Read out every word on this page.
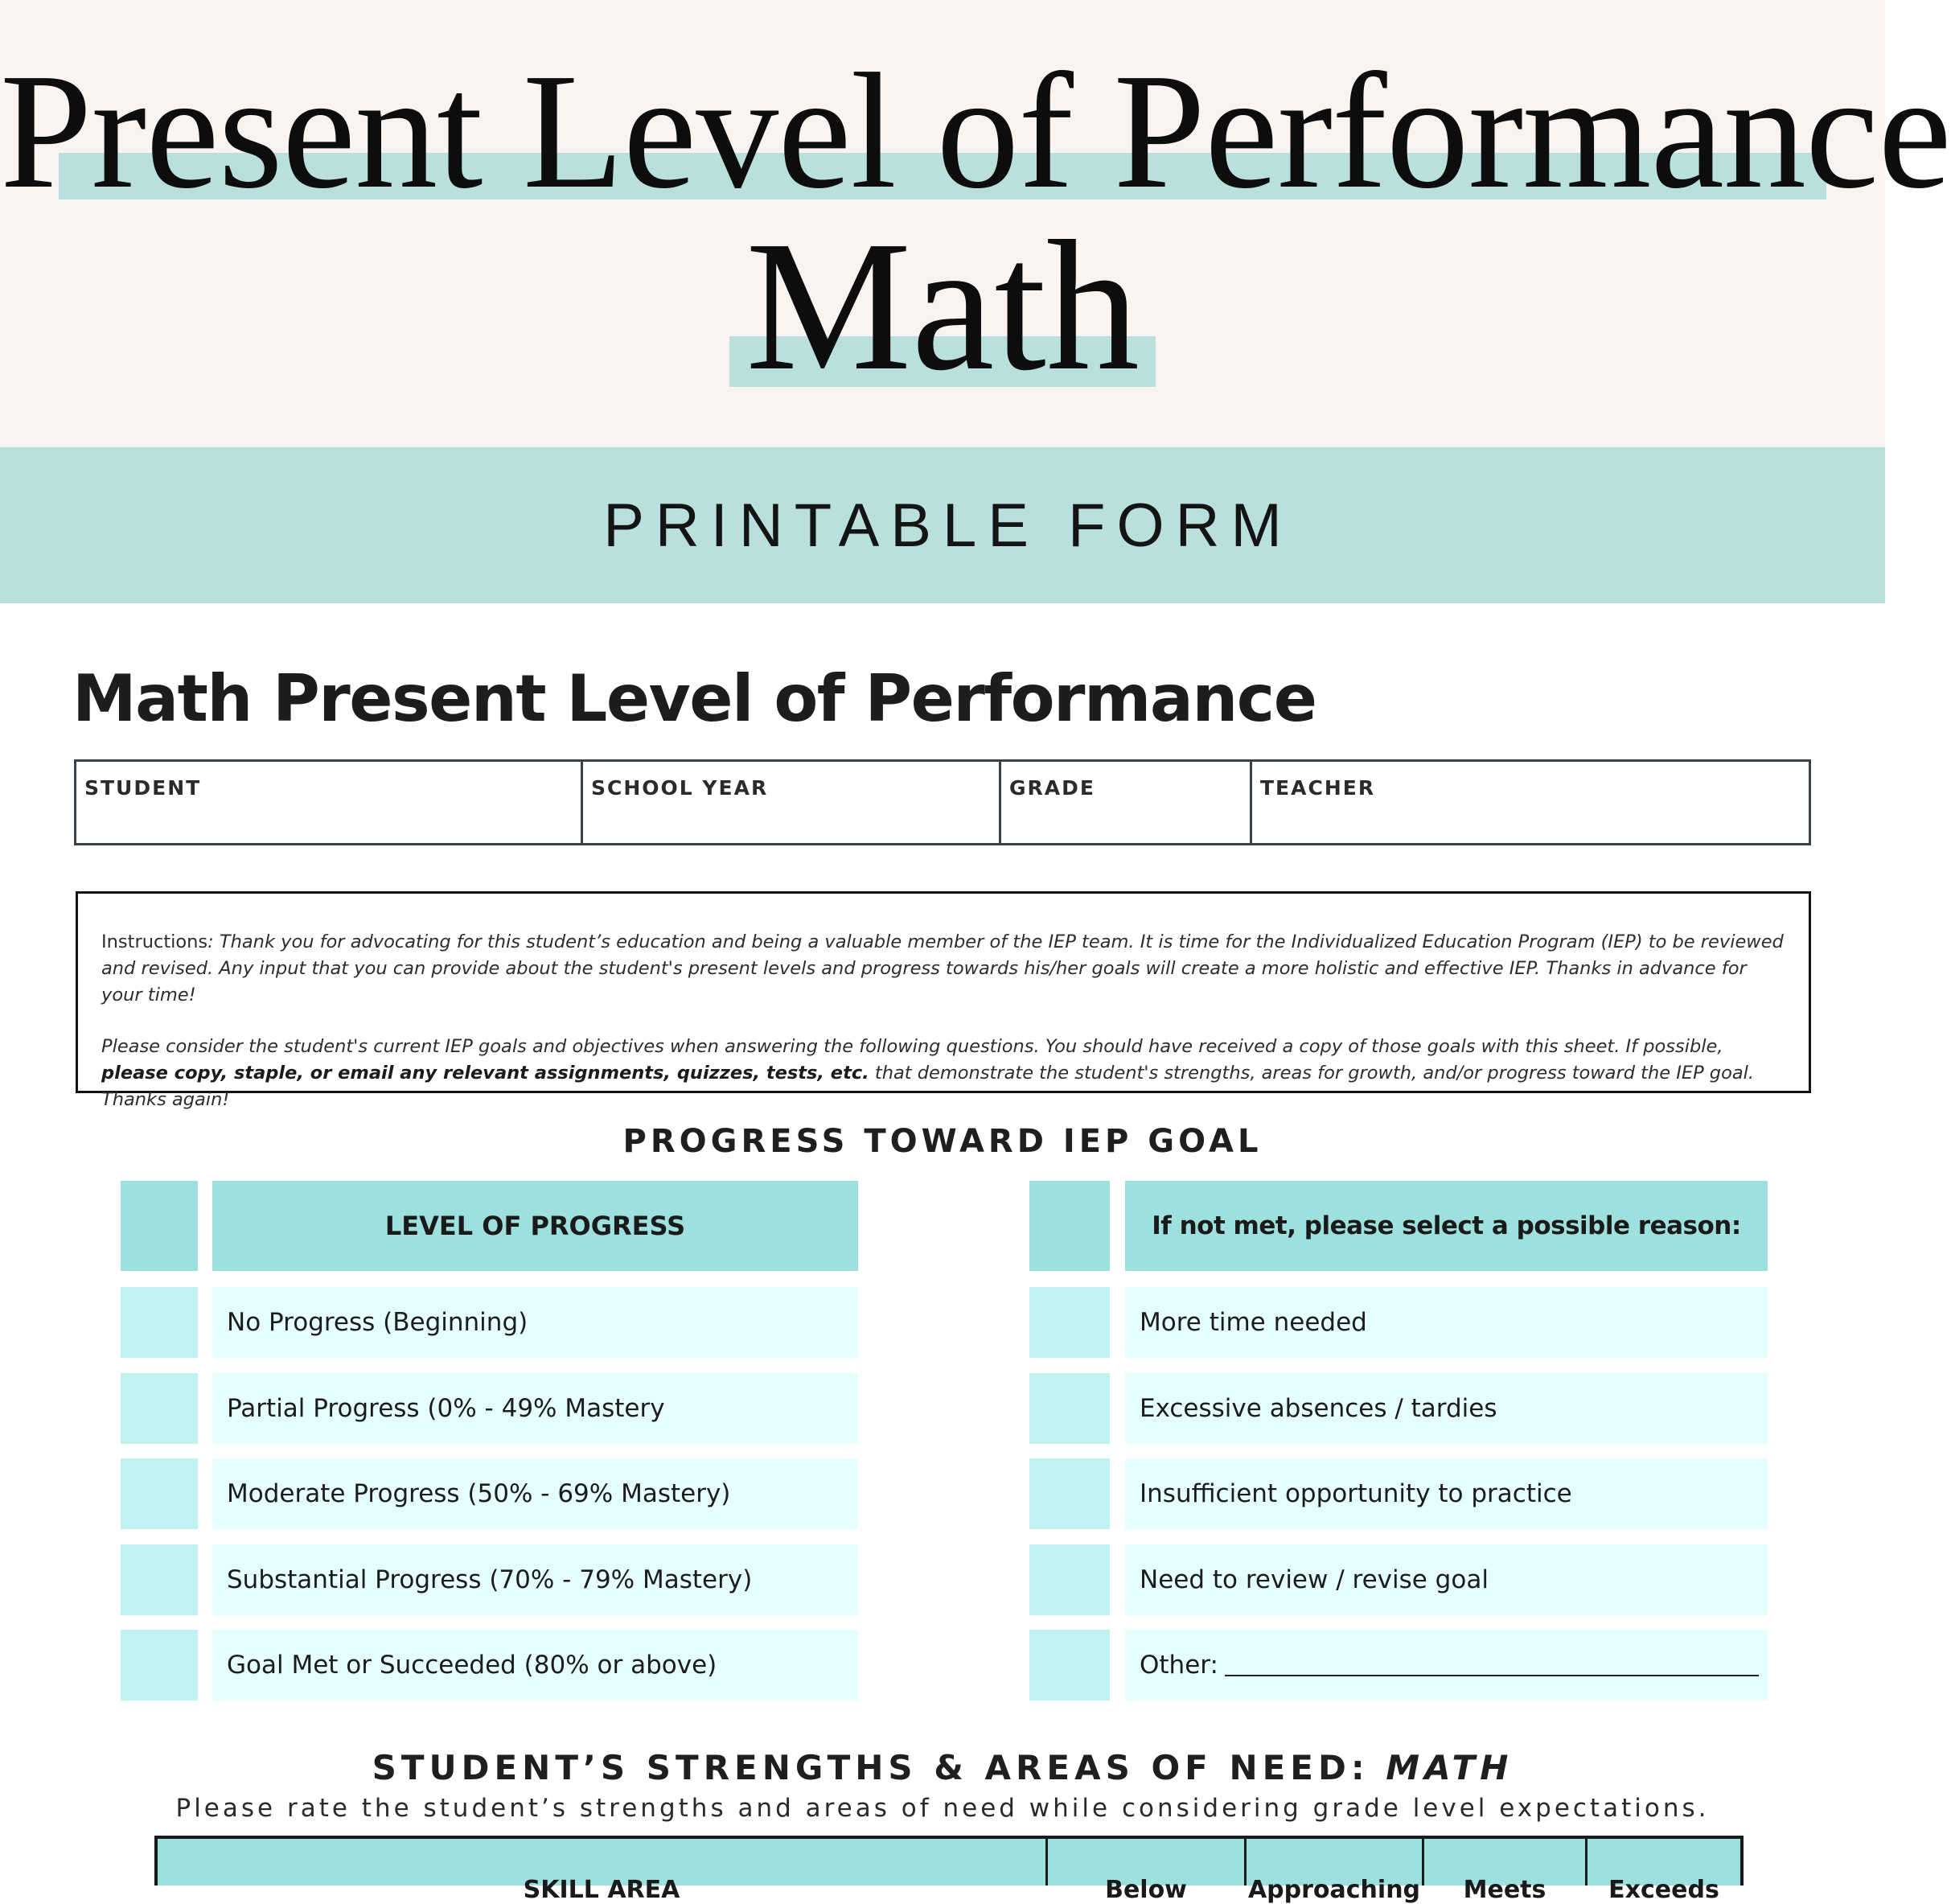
Present Level of Performance
Math
PRINTABLE FORM
Math Present Level of Performance
STUDENT	SCHOOL YEAR	GRADE	TEACHER

Instructions: Thank you for advocating for this student’s education and being a valuable member of the IEP team. It is time for the Individualized Education Program (IEP) to be reviewed and revised. Any input that you can provide about the student's present levels and progress towards his/her goals will create a more holistic and effective IEP. Thanks in advance for your time!

Please consider the student's current IEP goals and objectives when answering the following questions. You should have received a copy of those goals with this sheet. If possible, please copy, staple, or email any relevant assignments, quizzes, tests, etc. that demonstrate the student's strengths, areas for growth, and/or progress toward the IEP goal. Thanks again!

PROGRESS TOWARD IEP GOAL
LEVEL OF PROGRESS
No Progress (Beginning)
Partial Progress (0% - 49% Mastery
Moderate Progress (50% - 69% Mastery)
Substantial Progress (70% - 79% Mastery)
Goal Met or Succeeded (80% or above)
If not met, please select a possible reason:
More time needed
Excessive absences / tardies
Insufficient opportunity to practice
Need to review / revise goal
Other:
STUDENT’S STRENGTHS & AREAS OF NEED: MATH
Please rate the student’s strengths and areas of need while considering grade level expectations.
SKILL AREA	Below	Approaching	Meets	Exceeds
